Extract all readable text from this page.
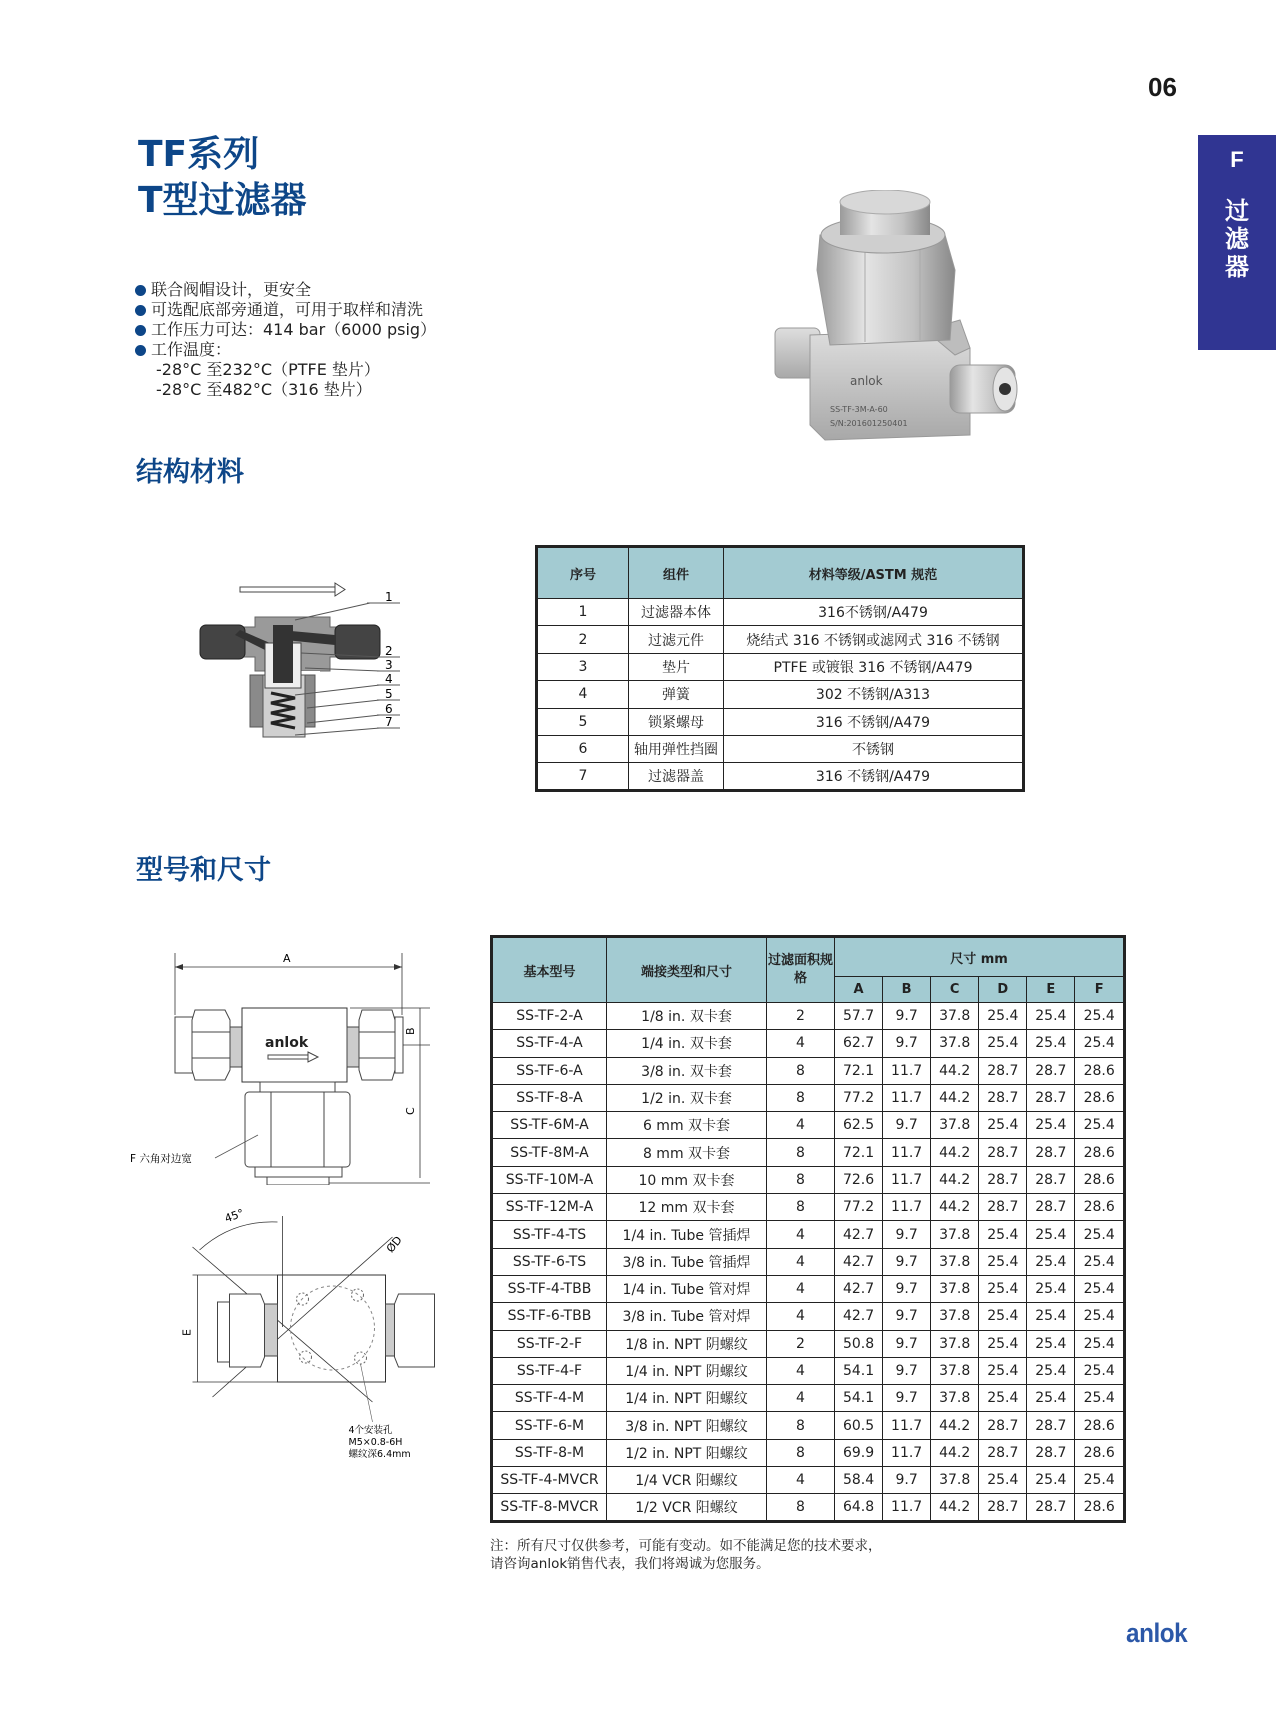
06
F
过滤器
TF系列
T型过滤器
联合阀帽设计，更安全
可选配底部旁通道，可用于取样和清洗
工作压力可达：414 bar（6000 psig）
工作温度：
-28°C 至232°C（PTFE 垫片）
-28°C 至482°C（316 垫片）	anlok
SS-TF-3M-A-60
S/N:201601250401
结构材料
1
2
3
4
5
6
7
序号	组件	材料等级/ASTM 规范
1	过滤器本体	316不锈钢/A479
2	过滤元件	烧结式 316 不锈钢或滤网式 316 不锈钢
3	垫片	PTFE 或镀银 316 不锈钢/A479
4	弹簧	302 不锈钢/A313
5	锁紧螺母	316 不锈钢/A479
6	轴用弹性挡圈	不锈钢
7	过滤器盖	316 不锈钢/A479
型号和尺寸
A
anlok
B
C
F 六角对边宽
45°
ØD
E
4个安装孔
M5×0.8-6H
螺纹深6.4mm
基本型号	端接类型和尺寸	过滤面积规格	尺寸 mm					
			A	B	C	D	E	F
SS-TF-2-A	1/8 in. 双卡套	2	57.7	9.7	37.8	25.4	25.4	25.4
SS-TF-4-A	1/4 in. 双卡套	4	62.7	9.7	37.8	25.4	25.4	25.4
SS-TF-6-A	3/8 in. 双卡套	8	72.1	11.7	44.2	28.7	28.7	28.6
SS-TF-8-A	1/2 in. 双卡套	8	77.2	11.7	44.2	28.7	28.7	28.6
SS-TF-6M-A	6 mm 双卡套	4	62.5	9.7	37.8	25.4	25.4	25.4
SS-TF-8M-A	8 mm 双卡套	8	72.1	11.7	44.2	28.7	28.7	28.6
SS-TF-10M-A	10 mm 双卡套	8	72.6	11.7	44.2	28.7	28.7	28.6
SS-TF-12M-A	12 mm 双卡套	8	77.2	11.7	44.2	28.7	28.7	28.6
SS-TF-4-TS	1/4 in. Tube 管插焊	4	42.7	9.7	37.8	25.4	25.4	25.4
SS-TF-6-TS	3/8 in. Tube 管插焊	4	42.7	9.7	37.8	25.4	25.4	25.4
SS-TF-4-TBB	1/4 in. Tube 管对焊	4	42.7	9.7	37.8	25.4	25.4	25.4
SS-TF-6-TBB	3/8 in. Tube 管对焊	4	42.7	9.7	37.8	25.4	25.4	25.4
SS-TF-2-F	1/8 in. NPT 阴螺纹	2	50.8	9.7	37.8	25.4	25.4	25.4
SS-TF-4-F	1/4 in. NPT 阴螺纹	4	54.1	9.7	37.8	25.4	25.4	25.4
SS-TF-4-M	1/4 in. NPT 阳螺纹	4	54.1	9.7	37.8	25.4	25.4	25.4
SS-TF-6-M	3/8 in. NPT 阳螺纹	8	60.5	11.7	44.2	28.7	28.7	28.6
SS-TF-8-M	1/2 in. NPT 阳螺纹	8	69.9	11.7	44.2	28.7	28.7	28.6
SS-TF-4-MVCR	1/4 VCR 阳螺纹	4	58.4	9.7	37.8	25.4	25.4	25.4
SS-TF-8-MVCR	1/2 VCR 阳螺纹	8	64.8	11.7	44.2	28.7	28.7	28.6
注：所有尺寸仅供参考，可能有变动。如不能满足您的技术要求，
请咨询anlok销售代表，我们将竭诚为您服务。
anlok
